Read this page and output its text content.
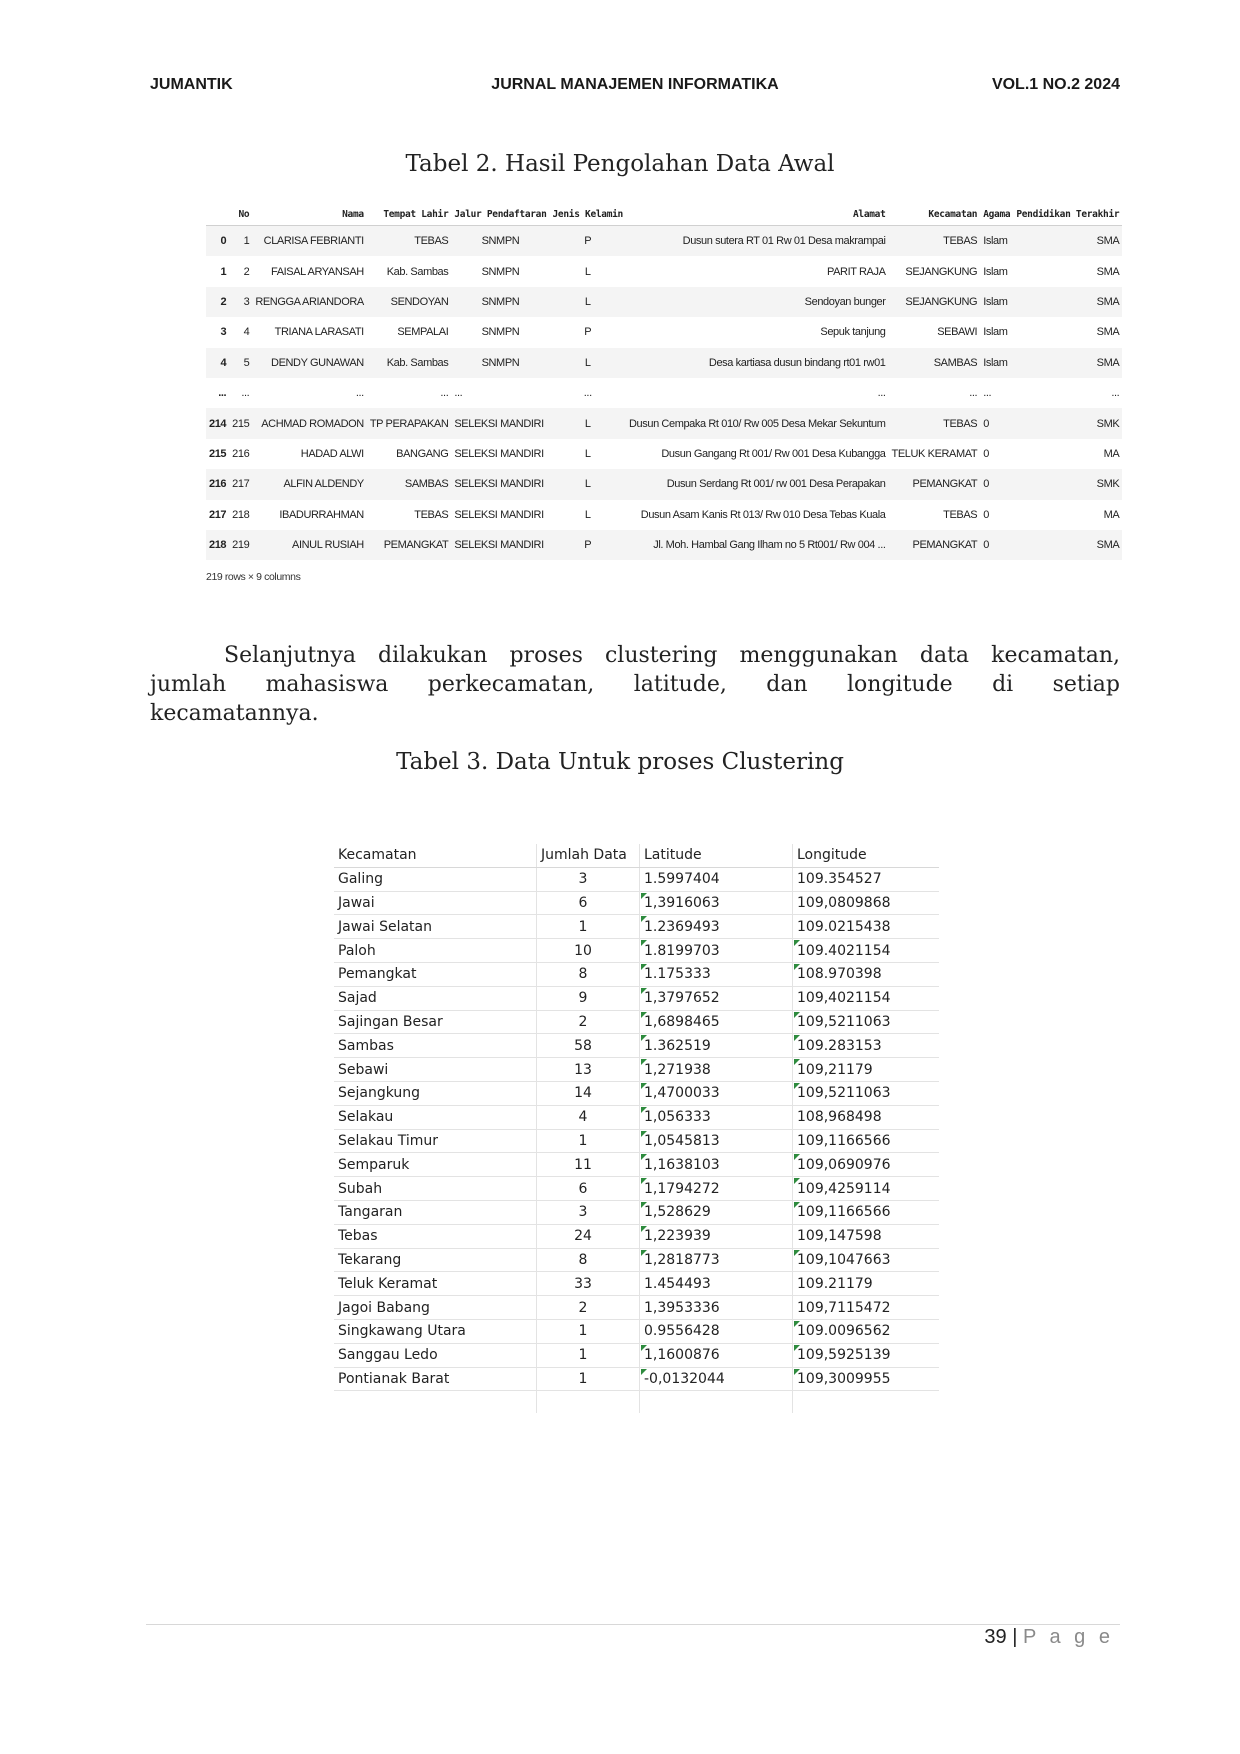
JUMANTIK	JURNAL MANAJEMEN INFORMATIKA	VOL.1 NO.2 2024
Tabel 2. Hasil Pengolahan Data Awal
	No	Nama	Tempat Lahir	Jalur Pendaftaran	Jenis Kelamin	Alamat	Kecamatan	Agama	Pendidikan Terakhir
0	1	CLARISA FEBRIANTI	TEBAS	SNMPN	P	Dusun sutera RT 01 Rw 01 Desa makrampai	TEBAS	Islam	SMA
1	2	FAISAL ARYANSAH	Kab. Sambas	SNMPN	L	PARIT RAJA	SEJANGKUNG	Islam	SMA
2	3	RENGGA ARIANDORA	SENDOYAN	SNMPN	L	Sendoyan bunger	SEJANGKUNG	Islam	SMA
3	4	TRIANA LARASATI	SEMPALAI	SNMPN	P	Sepuk tanjung	SEBAWI	Islam	SMA
4	5	DENDY GUNAWAN	Kab. Sambas	SNMPN	L	Desa kartiasa dusun bindang rt01 rw01	SAMBAS	Islam	SMA
...	...	...	...	...	...	...	...	...	...
214	215	ACHMAD ROMADON	TP PERAPAKAN	SELEKSI MANDIRI	L	Dusun Cempaka Rt 010/ Rw 005 Desa Mekar Sekuntum	TEBAS	0	SMK
215	216	HADAD ALWI	BANGANG	SELEKSI MANDIRI	L	Dusun Gangang Rt 001/ Rw 001 Desa Kubangga	TELUK KERAMAT	0	MA
216	217	ALFIN ALDENDY	SAMBAS	SELEKSI MANDIRI	L	Dusun Serdang Rt 001/ rw 001 Desa Perapakan	PEMANGKAT	0	SMK
217	218	IBADURRAHMAN	TEBAS	SELEKSI MANDIRI	L	Dusun Asam Kanis Rt 013/ Rw 010 Desa Tebas Kuala	TEBAS	0	MA
218	219	AINUL RUSIAH	PEMANGKAT	SELEKSI MANDIRI	P	Jl. Moh. Hambal Gang Ilham no 5 Rt001/ Rw 004 ...	PEMANGKAT	0	SMA
219 rows × 9 columns
Selanjutnya dilakukan proses clustering menggunakan data kecamatan,
jumlah mahasiswa perkecamatan, latitude, dan longitude di setiap
kecamatannya.
Tabel 3. Data Untuk proses Clustering
Kecamatan	Jumlah Data	Latitude	Longitude
Galing	3	1.5997404	109.354527
Jawai	6	1,3916063	109,0809868
Jawai Selatan	1	1.2369493	109.0215438
Paloh	10	1.8199703	109.4021154
Pemangkat	8	1.175333	108.970398
Sajad	9	1,3797652	109,4021154
Sajingan Besar	2	1,6898465	109,5211063
Sambas	58	1.362519	109.283153
Sebawi	13	1,271938	109,21179
Sejangkung	14	1,4700033	109,5211063
Selakau	4	1,056333	108,968498
Selakau Timur	1	1,0545813	109,1166566
Semparuk	11	1,1638103	109,0690976
Subah	6	1,1794272	109,4259114
Tangaran	3	1,528629	109,1166566
Tebas	24	1,223939	109,147598
Tekarang	8	1,2818773	109,1047663
Teluk Keramat	33	1.454493	109.21179
Jagoi Babang	2	1,3953336	109,7115472
Singkawang Utara	1	0.9556428	109.0096562
Sanggau Ledo	1	1,1600876	109,5925139
Pontianak Barat	1	-0,0132044	109,3009955

39 | P a g e
